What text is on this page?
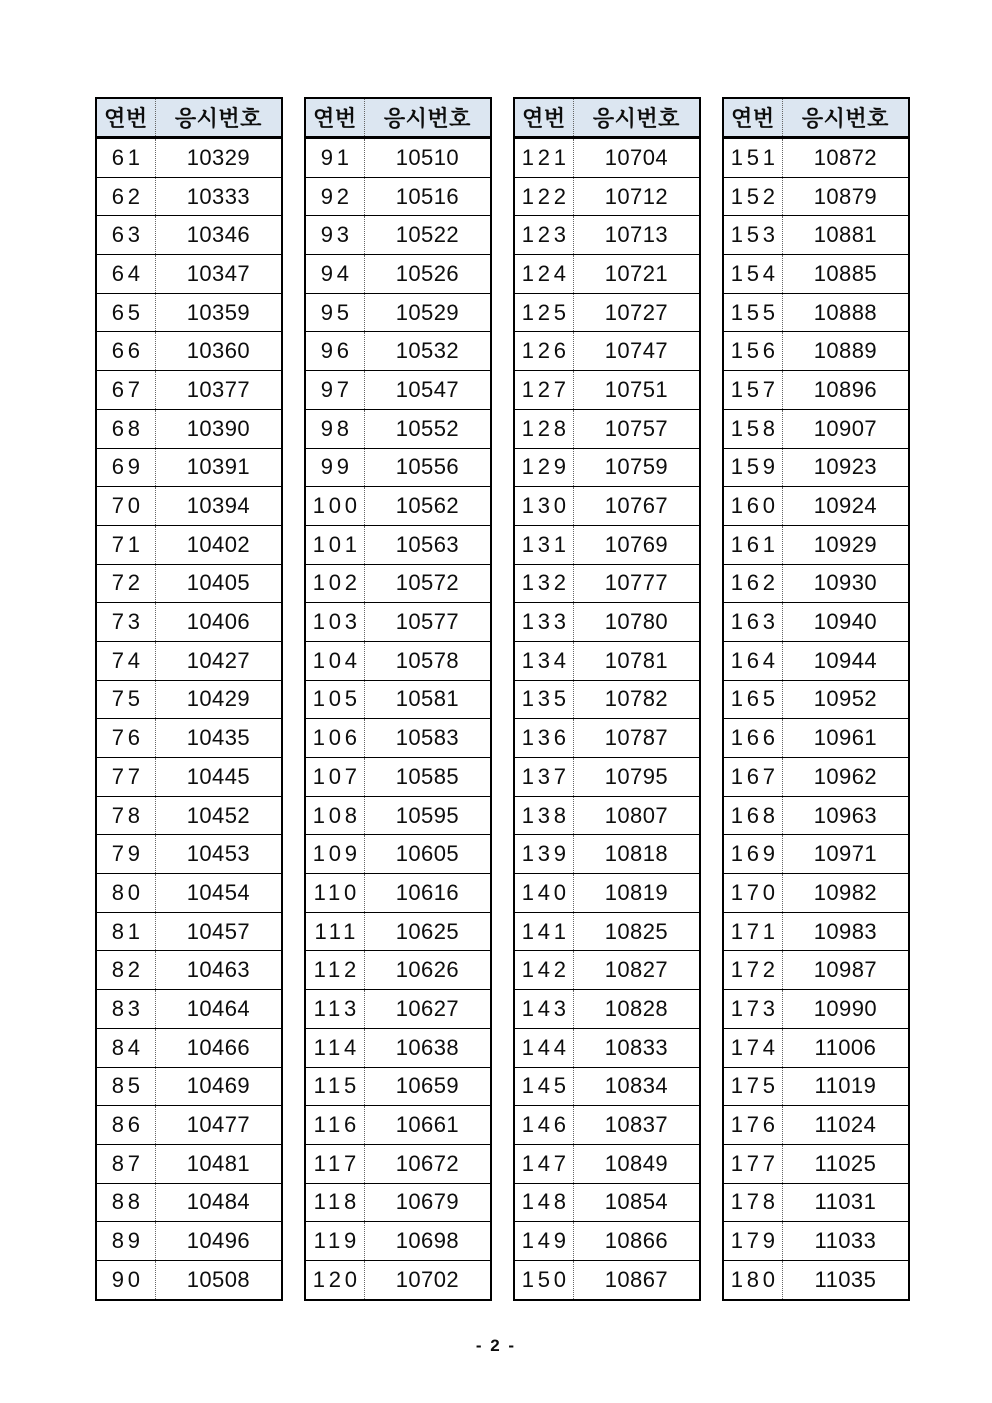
연번	응시번호
61	10329
62	10333
63	10346
64	10347
65	10359
66	10360
67	10377
68	10390
69	10391
70	10394
71	10402
72	10405
73	10406
74	10427
75	10429
76	10435
77	10445
78	10452
79	10453
80	10454
81	10457
82	10463
83	10464
84	10466
85	10469
86	10477
87	10481
88	10484
89	10496
90	10508
연번	응시번호
91	10510
92	10516
93	10522
94	10526
95	10529
96	10532
97	10547
98	10552
99	10556
100	10562
101	10563
102	10572
103	10577
104	10578
105	10581
106	10583
107	10585
108	10595
109	10605
110	10616
111	10625
112	10626
113	10627
114	10638
115	10659
116	10661
117	10672
118	10679
119	10698
120	10702
연번	응시번호
121	10704
122	10712
123	10713
124	10721
125	10727
126	10747
127	10751
128	10757
129	10759
130	10767
131	10769
132	10777
133	10780
134	10781
135	10782
136	10787
137	10795
138	10807
139	10818
140	10819
141	10825
142	10827
143	10828
144	10833
145	10834
146	10837
147	10849
148	10854
149	10866
150	10867
연번	응시번호
151	10872
152	10879
153	10881
154	10885
155	10888
156	10889
157	10896
158	10907
159	10923
160	10924
161	10929
162	10930
163	10940
164	10944
165	10952
166	10961
167	10962
168	10963
169	10971
170	10982
171	10983
172	10987
173	10990
174	11006
175	11019
176	11024
177	11025
178	11031
179	11033
180	11035
- 2 -
